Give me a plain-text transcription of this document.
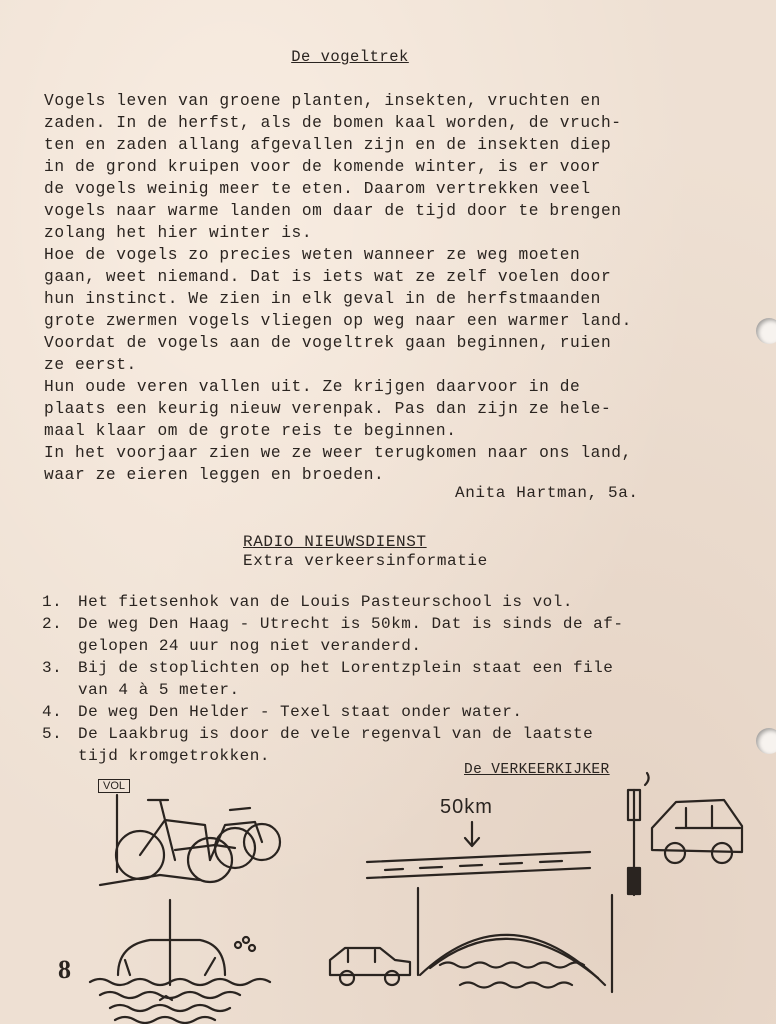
De vogeltrek
Vogels leven van groene planten, insekten, vruchten en
zaden. In de herfst, als de bomen kaal worden, de vruch-
ten en zaden allang afgevallen zijn en de insekten diep
in de grond kruipen voor de komende winter, is er voor
de vogels weinig meer te eten. Daarom vertrekken veel
vogels naar warme landen om daar de tijd door te brengen
zolang het hier winter is.
Hoe de vogels zo precies weten wanneer ze weg moeten
gaan, weet niemand. Dat is iets wat ze zelf voelen door
hun instinct. We zien in elk geval in de herfstmaanden
grote zwermen vogels vliegen op weg naar een warmer land.
Voordat de vogels aan de vogeltrek gaan beginnen, ruien
ze eerst.
Hun oude veren vallen uit. Ze krijgen daarvoor in de
plaats een keurig nieuw verenpak. Pas dan zijn ze hele-
maal klaar om de grote reis te beginnen.
In het voorjaar zien we ze weer terugkomen naar ons land,
waar ze eieren leggen en broeden.
Anita Hartman, 5a.
RADIO NIEUWSDIENST
Extra verkeersinformatie
1. Het fietsenhok van de Louis Pasteurschool is vol.
2. De weg Den Haag - Utrecht is 50km. Dat is sinds de af-
gelopen 24 uur nog niet veranderd.
3. Bij de stoplichten op het Lorentzplein staat een file
van 4 à 5 meter.
4. De weg Den Helder - Texel staat onder water.
5. De Laakbrug is door de vele regenval van de laatste
tijd kromgetrokken.
VOL
De VERKEERKIJKER
50km
8
